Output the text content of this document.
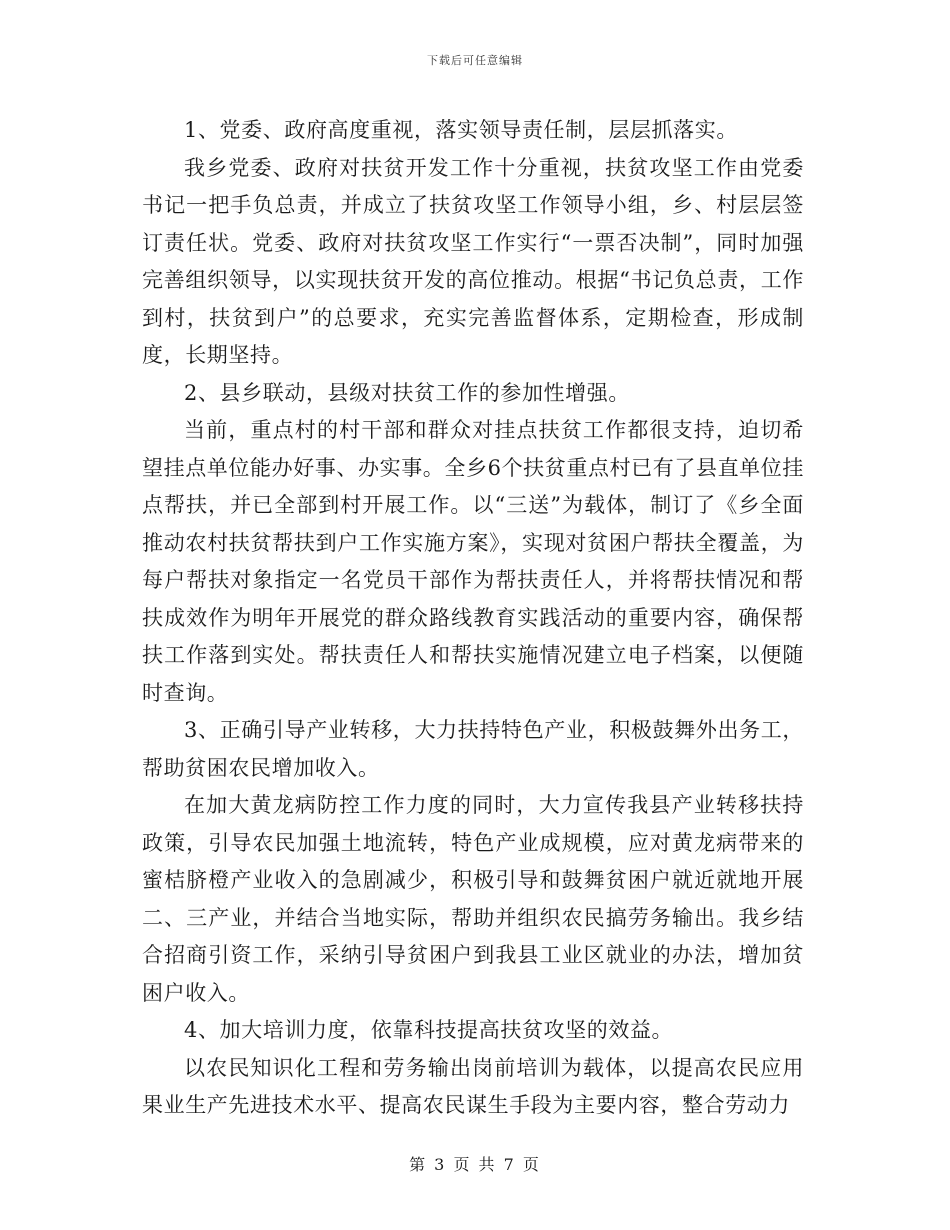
下载后可任意编辑

1、党委、政府高度重视，落实领导责任制，层层抓落实。

我乡党委、政府对扶贫开发工作十分重视，扶贫攻坚工作由党委书记一把手负总责，并成立了扶贫攻坚工作领导小组，乡、村层层签订责任状。党委、政府对扶贫攻坚工作实行“一票否决制”，同时加强完善组织领导，以实现扶贫开发的高位推动。根据“书记负总责，工作到村，扶贫到户”的总要求，充实完善监督体系，定期检查，形成制度，长期坚持。

2、县乡联动，县级对扶贫工作的参加性增强。

当前，重点村的村干部和群众对挂点扶贫工作都很支持，迫切希望挂点单位能办好事、办实事。全乡6个扶贫重点村已有了县直单位挂点帮扶，并已全部到村开展工作。以“三送”为载体，制订了《乡全面推动农村扶贫帮扶到户工作实施方案》，实现对贫困户帮扶全覆盖，为每户帮扶对象指定一名党员干部作为帮扶责任人，并将帮扶情况和帮扶成效作为明年开展党的群众路线教育实践活动的重要内容，确保帮扶工作落到实处。帮扶责任人和帮扶实施情况建立电子档案，以便随时查询。

3、正确引导产业转移，大力扶持特色产业，积极鼓舞外出务工，帮助贫困农民增加收入。

在加大黄龙病防控工作力度的同时，大力宣传我县产业转移扶持政策，引导农民加强土地流转，特色产业成规模，应对黄龙病带来的蜜桔脐橙产业收入的急剧减少，积极引导和鼓舞贫困户就近就地开展二、三产业，并结合当地实际，帮助并组织农民搞劳务输出。我乡结合招商引资工作，采纳引导贫困户到我县工业区就业的办法，增加贫困户收入。

4、加大培训力度，依靠科技提高扶贫攻坚的效益。

以农民知识化工程和劳务输出岗前培训为载体，以提高农民应用果业生产先进技术水平、提高农民谋生手段为主要内容，整合劳动力

第 3 页 共 7 页
